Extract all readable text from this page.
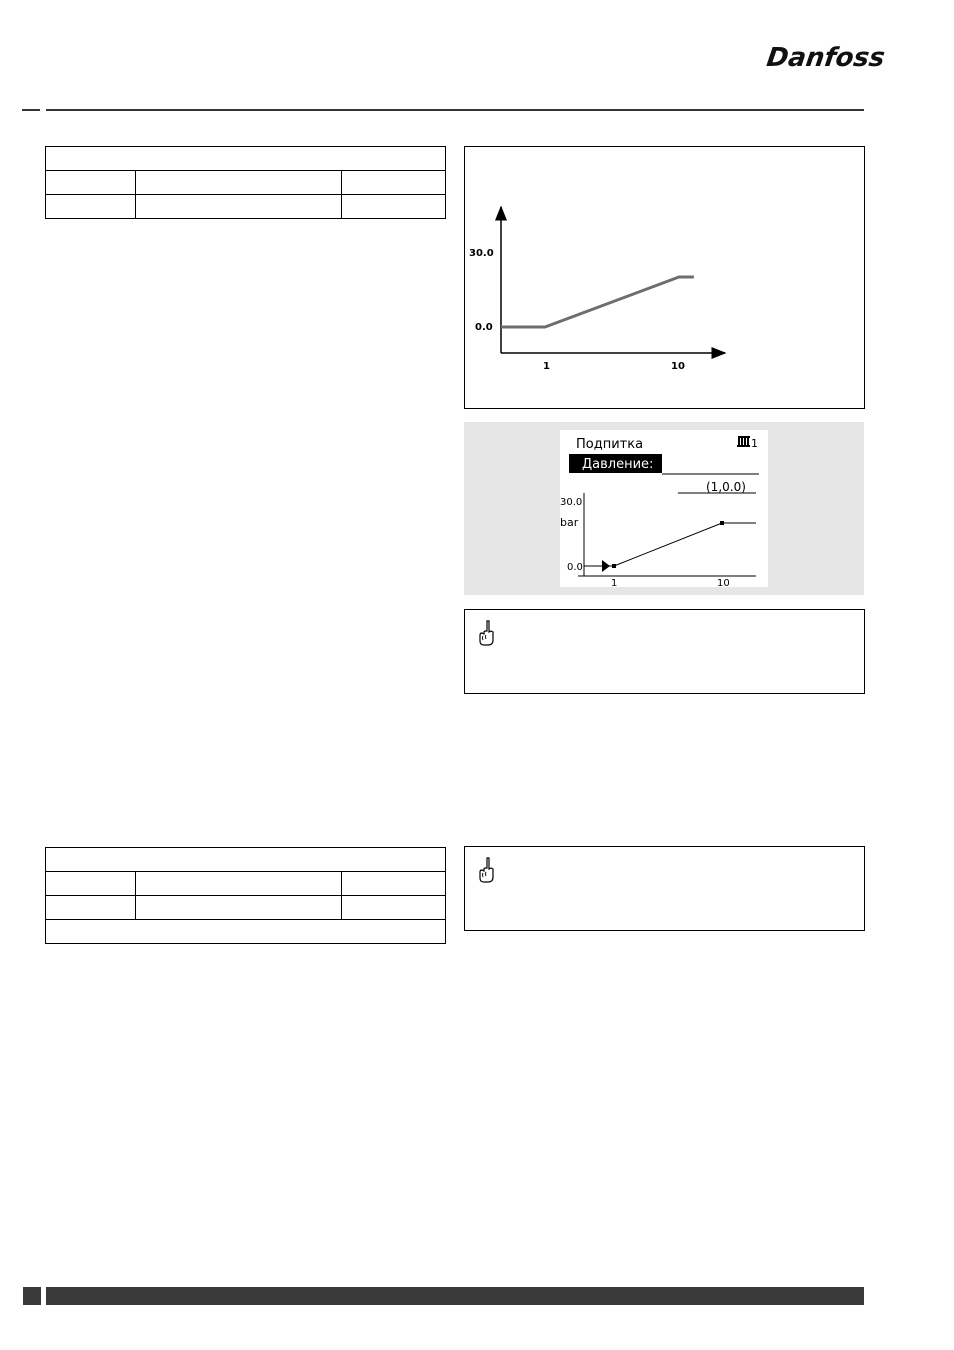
Danfoss

30.0
0.0
1	10
Подпитка	1
Давление:
(1,0.0)
30.0
bar
0.0
1	10
